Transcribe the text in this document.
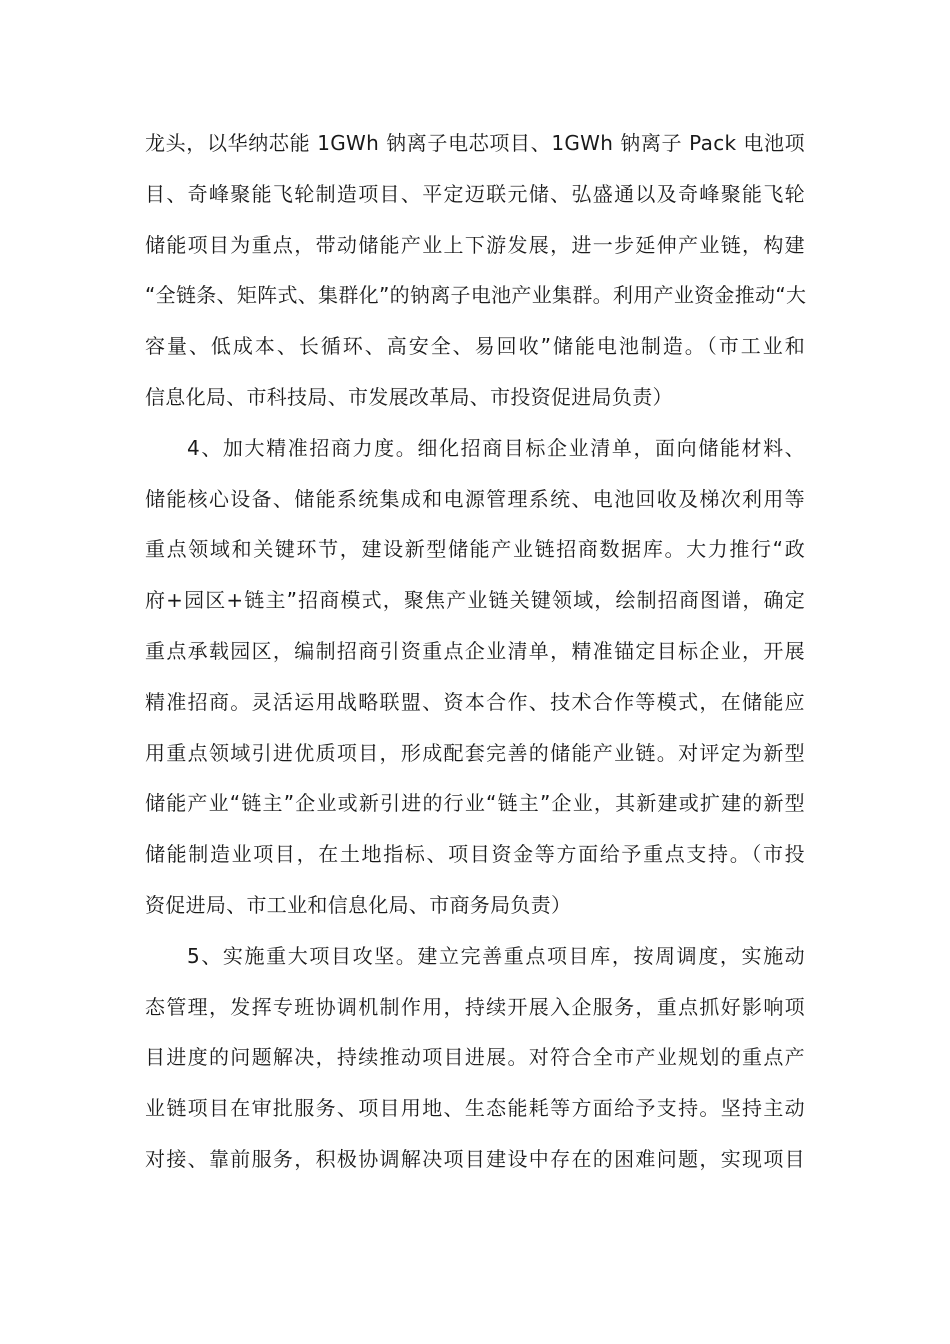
龙头，以华纳芯能 1GWh 钠离子电芯项目、1GWh 钠离子 Pack 电池项
目、奇峰聚能飞轮制造项目、平定迈联元储、弘盛通以及奇峰聚能飞轮
储能项目为重点，带动储能产业上下游发展，进一步延伸产业链，构建
“全链条、矩阵式、集群化”的钠离子电池产业集群。利用产业资金推动“大
容量、低成本、长循环、高安全、易回收”储能电池制造。（市工业和
信息化局、市科技局、市发展改革局、市投资促进局负责）
4、加大精准招商力度。细化招商目标企业清单，面向储能材料、
储能核心设备、储能系统集成和电源管理系统、电池回收及梯次利用等
重点领域和关键环节，建设新型储能产业链招商数据库。大力推行“政
府+园区+链主”招商模式，聚焦产业链关键领域，绘制招商图谱，确定
重点承载园区，编制招商引资重点企业清单，精准锚定目标企业，开展
精准招商。灵活运用战略联盟、资本合作、技术合作等模式，在储能应
用重点领域引进优质项目，形成配套完善的储能产业链。对评定为新型
储能产业“链主”企业或新引进的行业“链主”企业，其新建或扩建的新型
储能制造业项目，在土地指标、项目资金等方面给予重点支持。（市投
资促进局、市工业和信息化局、市商务局负责）
5、实施重大项目攻坚。建立完善重点项目库，按周调度，实施动
态管理，发挥专班协调机制作用，持续开展入企服务，重点抓好影响项
目进度的问题解决，持续推动项目进展。对符合全市产业规划的重点产
业链项目在审批服务、项目用地、生态能耗等方面给予支持。坚持主动
对接、靠前服务，积极协调解决项目建设中存在的困难问题，实现项目
